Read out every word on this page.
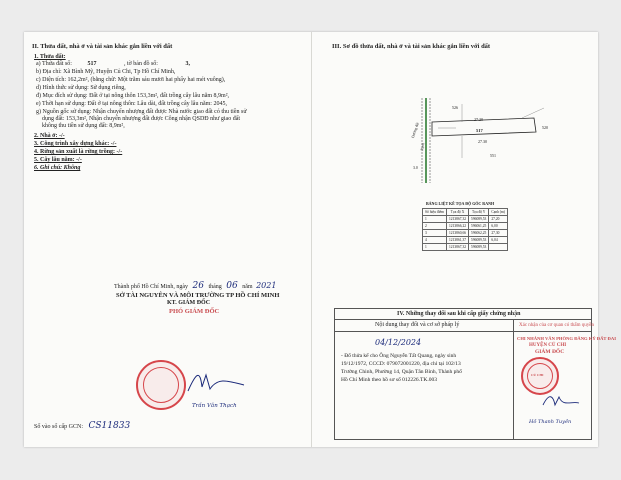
II. Thửa đất, nhà ở và tài sản khác gắn liền với đất
1. Thửa đất:
a) Thửa đất số:	517	, tờ bản đồ số:	3,
b) Địa chỉ: Xã Bình Mỹ, Huyện Củ Chi, Tp Hồ Chí Minh,
c) Diện tích: 162,2m², (bằng chữ: Một trăm sáu mươi hai phẩy hai mét vuông),
d) Hình thức sử dụng: Sử dụng riêng,
đ) Mục đích sử dụng: Đất ở tại nông thôn 153,3m², đất trồng cây lâu năm 8,9m²,
e) Thời hạn sử dụng: Đất ở tại nông thôn: Lâu dài, đất trồng cây lâu năm: 2045,
g) Nguồn gốc sử dụng: Nhận chuyển nhượng đất được Nhà nước giao đất có thu tiền sử
dụng đất: 153,3m², Nhận chuyển nhượng đất được Công nhận QSDĐ như giao đất
không thu tiền sử dụng đất: 8,9m²,
2. Nhà ở: -/-
3. Công trình xây dựng khác: -/-
4. Rừng sản xuất là rừng trồng: -/-
5. Cây lâu năm: -/-
6. Ghi chú: Không
Thành phố Hồ Chí Minh, ngày 26 tháng 06 năm 2021
SỞ TÀI NGUYÊN VÀ MÔI TRƯỜNG TP HỒ CHÍ MINH
KT. GIÁM ĐỐC
PHÓ GIÁM ĐỐC
Trần Văn Thạch
Số vào sổ cấp GCN: CS11833
III. Sơ đồ thửa đất, nhà ở và tài sản khác gắn liền với đất
526
27.20
517
520
27.30
551
Đường đất
Rạch
3.0
BẢNG LIỆT KÊ TỌA ĐỘ GÓC RANH
Số hiệu điểm	Tọa độ X	Tọa độ Y	Cạnh (m)
1	1213867,32	596089,53	27,20
2	1213866,22	596061,25	6,00
3	1213860,66	596062,25	27,30
4	1213861,37	596089,53	6,04
1	1213867,32	596089,53	
IV. Những thay đổi sau khi cấp giấy chứng nhận
Nội dung thay đổi và cơ sở pháp lý	Xác nhận của cơ quan có thẩm quyền
04/12/2024
- Đổ thửa kế cho Ông Nguyễn Tất Quang, ngày sinh
19/12/1972, CCCD: 079072001220, địa chỉ tại 102/13
Trường Chinh, Phường 14, Quận Tân Bình, Thành phố
Hồ Chí Minh theo hồ sơ số 012226.TK.003
CHI NHÁNH VĂN PHÒNG ĐĂNG KÝ ĐẤT ĐAI
HUYỆN CỦ CHI
GIÁM ĐỐC
CỦ CHI
Hồ Thanh Tuyền
